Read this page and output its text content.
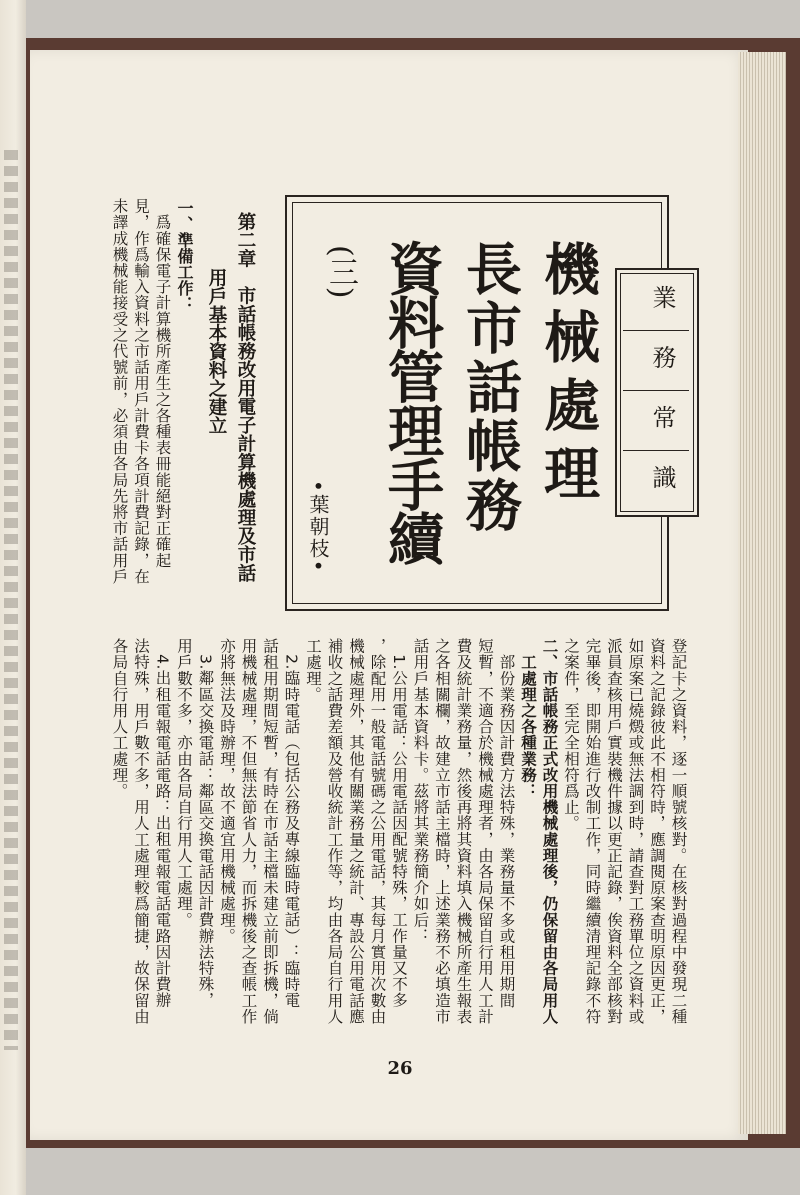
機械處理
長市話帳務
資料管理手續
(三)
•葉朝枝•
業
務
常
識
第二章　市話帳務改用電子計算機處理及市話
用戶基本資料之建立
一、準備工作：
　爲確保電子計算機所產生之各種表冊能絕對正確起
見，作爲輸入資料之市話用戶計費卡各項計費記錄，在
未譯成機械能接受之代號前，必須由各局先將市話用戶
登記卡之資料，逐一順號核對。在核對過程中發現二種
資料之記錄彼此不相符時，應調閱原案查明原因更正，
如原案已燒燬或無法調到時，請查對工務單位之資料或
派員查核用戶實裝機件據以更正記錄，俟資料全部核對
完畢後，即開始進行改制工作，同時繼續清理記錄不符
之案件，至完全相符爲止。
二、市話帳務正式改用機械處理後，仍保留由各局用人
　工處理之各種業務：
　部份業務因計費方法特殊，業務量不多或租用期間
短暫，不適合於機械處理者，由各局保留自行用人工計
費及統計業務量，然後再將其資料填入機械所產生報表
之各相關欄，故建立市話主檔時，上述業務不必填造市
話用戶基本資料卡。茲將其業務簡介如后：
　1.公用電話：公用電話因配號特殊，工作量又不多
，除配用一般電話號碼之公用電話，其每月實用次數由
機械處理外，其他有關業務量之統計、專設公用電話應
補收之話費差額及營收統計工作等，均由各局自行用人
工處理。
　2.臨時電話（包括公務及專線臨時電話）：臨時電
話租用期間短暫，有時在市話主檔未建立前即拆機，倘
用機械處理，不但無法節省人力，而拆機後之查帳工作
亦將無法及時辦理，故不適宜用機械處理。
　3.鄰區交換電話：鄰區交換電話因計費辦法特殊，
用戶數不多，亦由各局自行用人工處理。
　4.出租電報電話電路：出租電報電話電路因計費辦
法特殊，用戶數不多，用人工處理較爲簡捷，故保留由
各局自行用人工處理。
26
